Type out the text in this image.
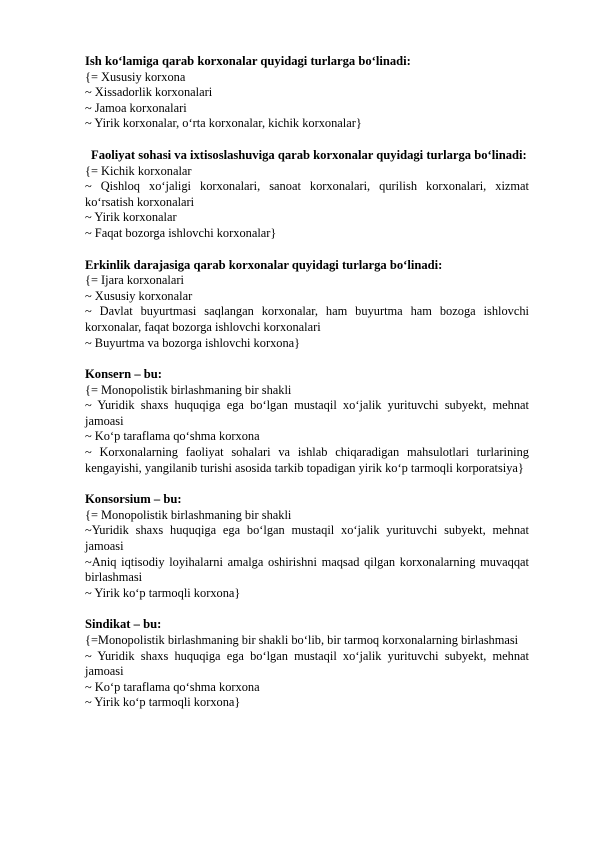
Ish ko‘lamiga qarab korxonalar quyidagi turlarga bo‘linadi:

{= Xususiy korxona

~ Xissadorlik korxonalari

~ Jamoa korxonalari

~ Yirik korxonalar, o‘rta korxonalar, kichik korxonalar}

Faoliyat sohasi va ixtisoslashuviga qarab korxonalar quyidagi turlarga bo‘linadi:

{= Kichik korxonalar

~ Qishloq xo‘jaligi korxonalari, sanoat korxonalari, qurilish korxonalari, xizmat ko‘rsatish korxonalari

~ Yirik korxonalar

~ Faqat bozorga ishlovchi korxonalar}

Erkinlik darajasiga qarab korxonalar quyidagi turlarga bo‘linadi:

{= Ijara korxonalari

~ Xususiy korxonalar

~ Davlat buyurtmasi saqlangan korxonalar, ham buyurtma ham bozoga ishlovchi korxonalar, faqat bozorga ishlovchi korxonalari

~ Buyurtma va bozorga ishlovchi korxona}

Konsern – bu:

{= Monopolistik birlashmaning bir shakli

~ Yuridik shaxs huquqiga ega bo‘lgan mustaqil xo‘jalik yurituvchi subyekt, mehnat jamoasi

~ Ko‘p taraflama qo‘shma korxona

~ Korxonalarning faoliyat sohalari va ishlab chiqaradigan mahsulotlari turlarining kengayishi, yangilanib turishi asosida tarkib topadigan yirik ko‘p tarmoqli korporatsiya}

Konsorsium – bu:

{= Monopolistik birlashmaning bir shakli

~Yuridik shaxs huquqiga ega bo‘lgan mustaqil xo‘jalik yurituvchi subyekt, mehnat jamoasi

~Aniq iqtisodiy loyihalarni amalga oshirishni maqsad qilgan korxonalarning muvaqqat birlashmasi

~ Yirik ko‘p tarmoqli korxona}

Sindikat – bu:

{=Monopolistik birlashmaning bir shakli bo‘lib, bir tarmoq korxonalarning birlashmasi

~ Yuridik shaxs huquqiga ega bo‘lgan mustaqil xo‘jalik yurituvchi subyekt, mehnat jamoasi

~ Ko‘p taraflama qo‘shma korxona

~ Yirik ko‘p tarmoqli korxona}
